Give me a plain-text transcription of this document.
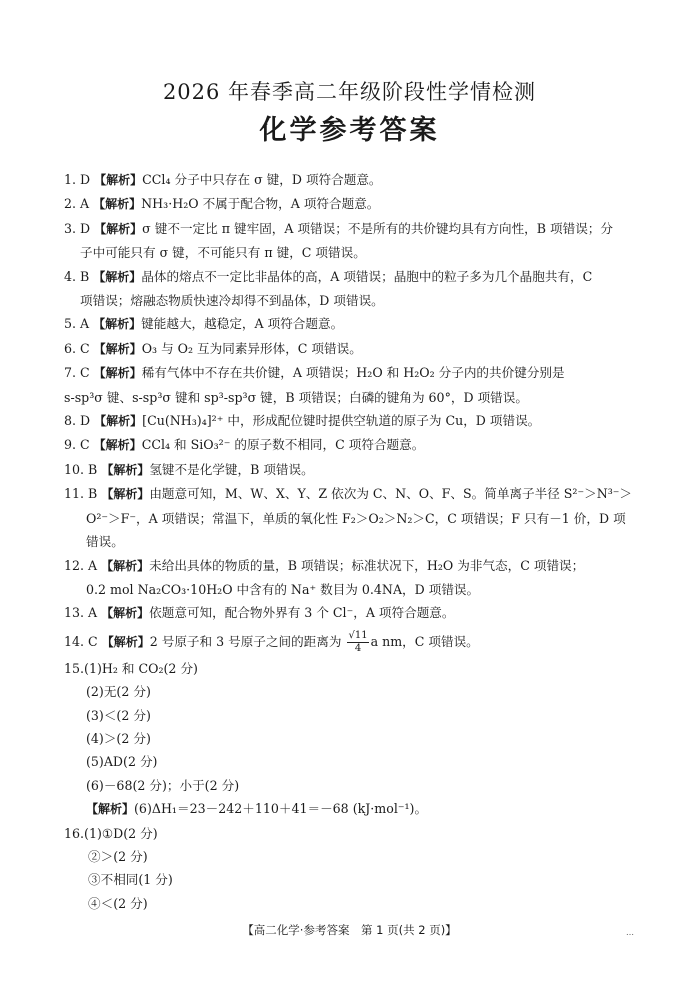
2026 年春季高二年级阶段性学情检测
化学参考答案
1. D 【解析】CCl₄ 分子中只存在 σ 键，D 项符合题意。
2. A 【解析】NH₃·H₂O 不属于配合物，A 项符合题意。
3. D 【解析】σ 键不一定比 π 键牢固，A 项错误；不是所有的共价键均具有方向性，B 项错误；分
子中可能只有 σ 键，不可能只有 π 键，C 项错误。
4. B 【解析】晶体的熔点不一定比非晶体的高，A 项错误；晶胞中的粒子多为几个晶胞共有，C
项错误；熔融态物质快速冷却得不到晶体，D 项错误。
5. A 【解析】键能越大，越稳定，A 项符合题意。
6. C 【解析】O₃ 与 O₂ 互为同素异形体，C 项错误。
7. C 【解析】稀有气体中不存在共价键，A 项错误；H₂O 和 H₂O₂ 分子内的共价键分别是
s-sp³σ 键、s-sp³σ 键和 sp³-sp³σ 键，B 项错误；白磷的键角为 60°，D 项错误。
8. D 【解析】[Cu(NH₃)₄]²⁺ 中，形成配位键时提供空轨道的原子为 Cu，D 项错误。
9. C 【解析】CCl₄ 和 SiO₃²⁻ 的原子数不相同，C 项符合题意。
10. B 【解析】氢键不是化学键，B 项错误。
11. B 【解析】由题意可知，M、W、X、Y、Z 依次为 C、N、O、F、S。简单离子半径 S²⁻＞N³⁻＞
O²⁻＞F⁻，A 项错误；常温下，单质的氧化性 F₂＞O₂＞N₂＞C，C 项错误；F 只有－1 价，D 项
错误。
12. A 【解析】未给出具体的物质的量，B 项错误；标准状况下，H₂O 为非气态，C 项错误；
0.2 mol Na₂CO₃·10H₂O 中含有的 Na⁺ 数目为 0.4NA，D 项错误。
13. A 【解析】依题意可知，配合物外界有 3 个 Cl⁻，A 项符合题意。
14. C 【解析】2 号原子和 3 号原子之间的距离为 $\frac{√11}{4}$ a nm，C 项错误。
15.(1)H₂ 和 CO₂(2 分)
(2)无(2 分)
(3)＜(2 分)
(4)＞(2 分)
(5)AD(2 分)
(6)－68(2 分)；小于(2 分)
【解析】(6)ΔH₁＝23－242＋110＋41＝－68 (kJ·mol⁻¹)。
16.(1)①D(2 分)
②＞(2 分)
③不相同(1 分)
④＜(2 分)
【高二化学·参考答案　第 1 页(共 2 页)】	…
